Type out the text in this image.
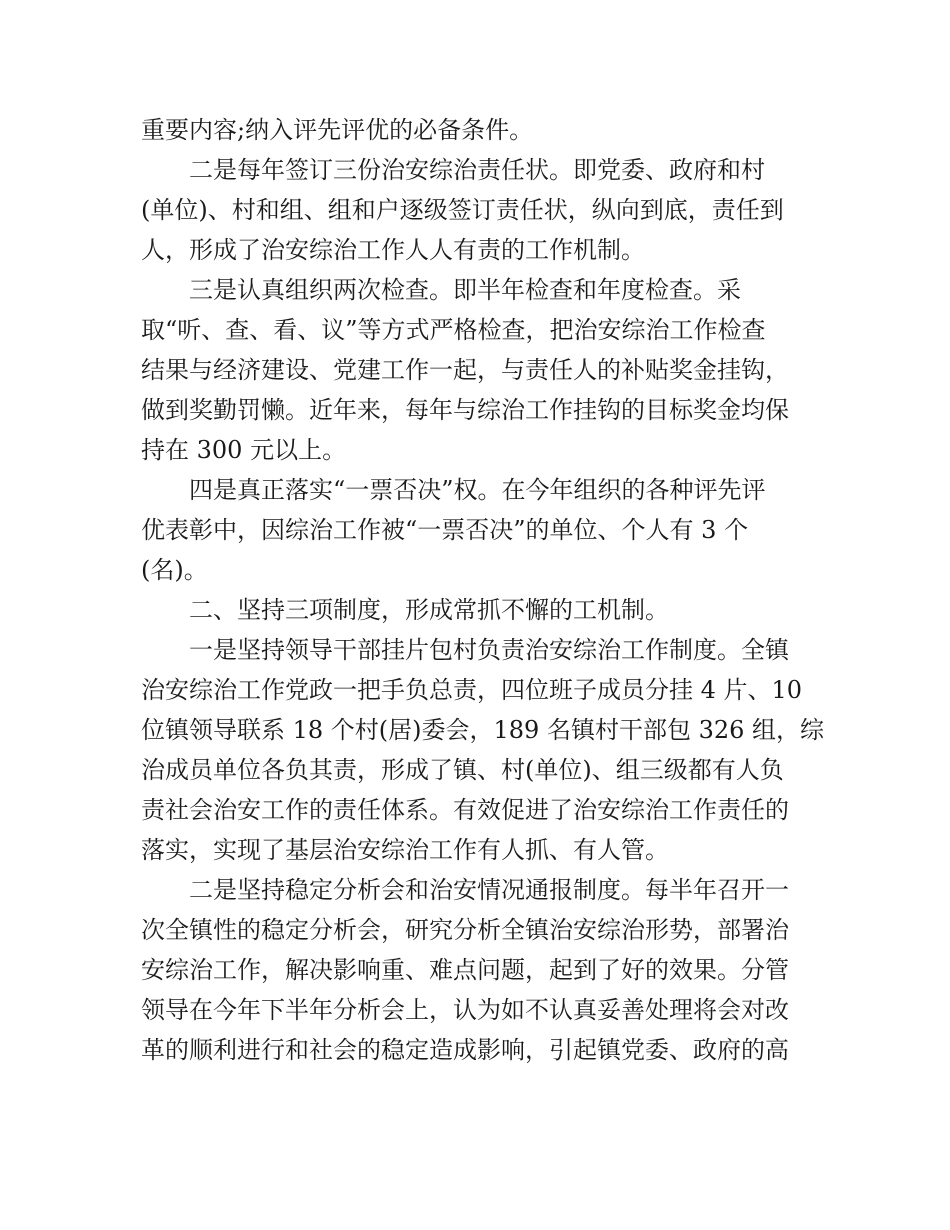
重要内容;纳入评先评优的必备条件。
二是每年签订三份治安综治责任状。即党委、政府和村
(单位)、村和组、组和户逐级签订责任状，纵向到底，责任到
人，形成了治安综治工作人人有责的工作机制。
三是认真组织两次检查。即半年检查和年度检查。采
取“听、查、看、议”等方式严格检查，把治安综治工作检查
结果与经济建设、党建工作一起，与责任人的补贴奖金挂钩，
做到奖勤罚懒。近年来，每年与综治工作挂钩的目标奖金均保
持在 300 元以上。
四是真正落实“一票否决”权。在今年组织的各种评先评
优表彰中，因综治工作被“一票否决”的单位、个人有 3 个
(名)。
二、坚持三项制度，形成常抓不懈的工机制。
一是坚持领导干部挂片包村负责治安综治工作制度。全镇
治安综治工作党政一把手负总责，四位班子成员分挂 4 片、10
位镇领导联系 18 个村(居)委会，189 名镇村干部包 326 组，综
治成员单位各负其责，形成了镇、村(单位)、组三级都有人负
责社会治安工作的责任体系。有效促进了治安综治工作责任的
落实，实现了基层治安综治工作有人抓、有人管。
二是坚持稳定分析会和治安情况通报制度。每半年召开一
次全镇性的稳定分析会，研究分析全镇治安综治形势，部署治
安综治工作，解决影响重、难点问题，起到了好的效果。分管
领导在今年下半年分析会上，认为如不认真妥善处理将会对改
革的顺利进行和社会的稳定造成影响，引起镇党委、政府的高
